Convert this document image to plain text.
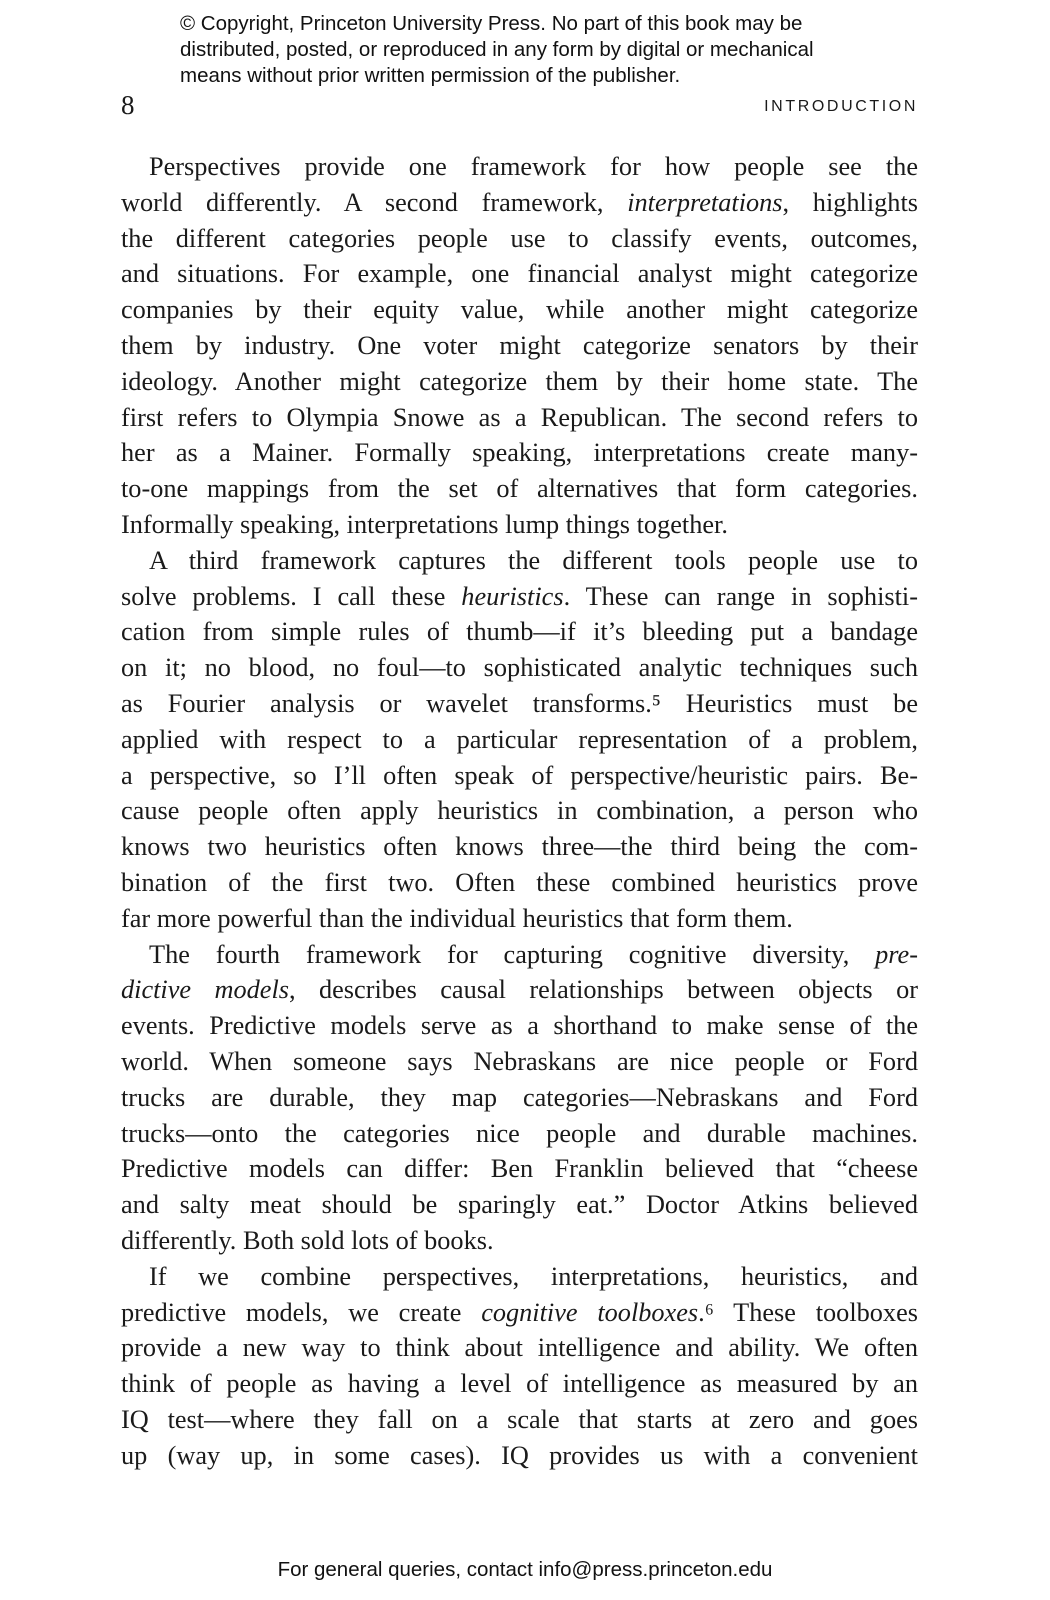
© Copyright, Princeton University Press. No part of this book may be
distributed, posted, or reproduced in any form by digital or mechanical
means without prior written permission of the publisher.
8	INTRODUCTION
Perspectives provide one framework for how people see the
world differently. A second framework, interpretations, highlights
the different categories people use to classify events, outcomes,
and situations. For example, one financial analyst might categorize
companies by their equity value, while another might categorize
them by industry. One voter might categorize senators by their
ideology. Another might categorize them by their home state. The
first refers to Olympia Snowe as a Republican. The second refers to
her as a Mainer. Formally speaking, interpretations create many-
to-one mappings from the set of alternatives that form categories.
Informally speaking, interpretations lump things together.
A third framework captures the different tools people use to
solve problems. I call these heuristics. These can range in sophisti-
cation from simple rules of thumb—if it’s bleeding put a bandage
on it; no blood, no foul—to sophisticated analytic techniques such
as Fourier analysis or wavelet transforms.⁵ Heuristics must be
applied with respect to a particular representation of a problem,
a perspective, so I’ll often speak of perspective/heuristic pairs. Be-
cause people often apply heuristics in combination, a person who
knows two heuristics often knows three—the third being the com-
bination of the first two. Often these combined heuristics prove
far more powerful than the individual heuristics that form them.
The fourth framework for capturing cognitive diversity, pre-
dictive models, describes causal relationships between objects or
events. Predictive models serve as a shorthand to make sense of the
world. When someone says Nebraskans are nice people or Ford
trucks are durable, they map categories—Nebraskans and Ford
trucks—onto the categories nice people and durable machines.
Predictive models can differ: Ben Franklin believed that “cheese
and salty meat should be sparingly eat.” Doctor Atkins believed
differently. Both sold lots of books.
If we combine perspectives, interpretations, heuristics, and
predictive models, we create cognitive toolboxes.⁶ These toolboxes
provide a new way to think about intelligence and ability. We often
think of people as having a level of intelligence as measured by an
IQ test—where they fall on a scale that starts at zero and goes
up (way up, in some cases). IQ provides us with a convenient
For general queries, contact info@press.princeton.edu
